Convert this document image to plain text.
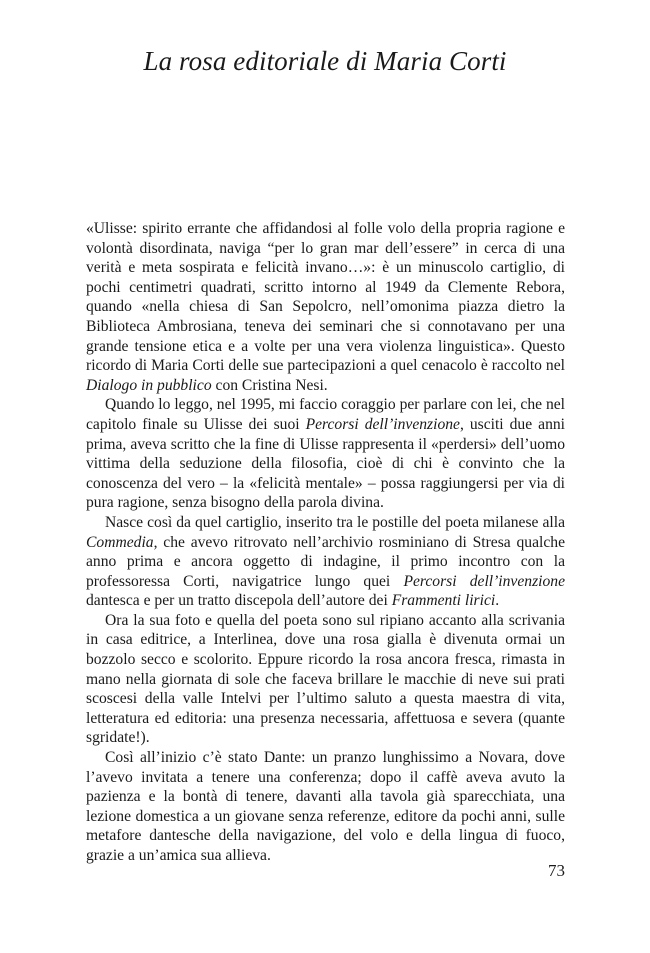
La rosa editoriale di Maria Corti

«Ulisse: spirito errante che affidandosi al folle volo della propria ragione e volontà disordinata, naviga “per lo gran mar dell’essere” in cerca di una verità e meta sospirata e felicità invano…»: è un minuscolo cartiglio, di pochi centimetri quadrati, scritto intorno al 1949 da Clemente Rebora, quando «nella chiesa di San Sepolcro, nell’omonima piazza dietro la Biblioteca Ambrosiana, teneva dei seminari che si connotavano per una grande tensione etica e a volte per una vera violenza linguistica». Questo ricordo di Maria Corti delle sue partecipazioni a quel cenacolo è raccolto nel Dialogo in pubblico con Cristina Nesi.

Quando lo leggo, nel 1995, mi faccio coraggio per parlare con lei, che nel capitolo finale su Ulisse dei suoi Percorsi dell’invenzione, usciti due anni prima, aveva scritto che la fine di Ulisse rappresenta il «perdersi» dell’uomo vittima della seduzione della filosofia, cioè di chi è convinto che la conoscenza del vero – la «felicità mentale» – possa raggiungersi per via di pura ragione, senza bisogno della parola divina.

Nasce così da quel cartiglio, inserito tra le postille del poeta milanese alla Commedia, che avevo ritrovato nell’archivio rosminiano di Stresa qualche anno prima e ancora oggetto di indagine, il primo incontro con la professoressa Corti, navigatrice lungo quei Percorsi dell’invenzione dantesca e per un tratto discepola dell’autore dei Frammenti lirici.

Ora la sua foto e quella del poeta sono sul ripiano accanto alla scrivania in casa editrice, a Interlinea, dove una rosa gialla è divenuta ormai un bozzolo secco e scolorito. Eppure ricordo la rosa ancora fresca, rimasta in mano nella giornata di sole che faceva brillare le macchie di neve sui prati scoscesi della valle Intelvi per l’ultimo saluto a questa maestra di vita, letteratura ed editoria: una presenza necessaria, affettuosa e severa (quante sgridate!).

Così all’inizio c’è stato Dante: un pranzo lunghissimo a Novara, dove l’avevo invitata a tenere una conferenza; dopo il caffè aveva avuto la pazienza e la bontà di tenere, davanti alla tavola già sparecchiata, una lezione domestica a un giovane senza referenze, editore da pochi anni, sulle metafore dantesche della navigazione, del volo e della lingua di fuoco, grazie a un’amica sua allieva.

73
